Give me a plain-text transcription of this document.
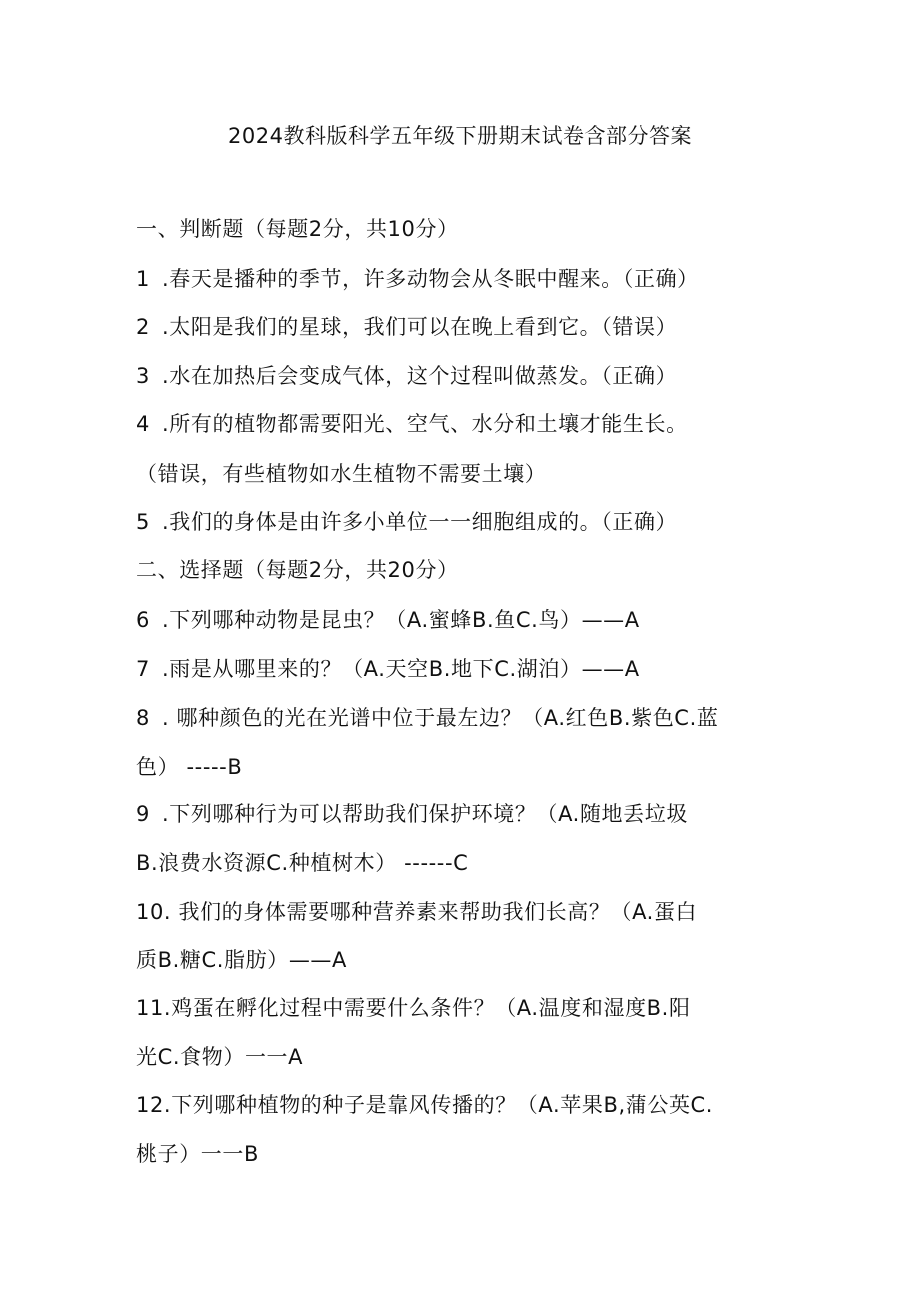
2024教科版科学五年级下册期末试卷含部分答案
一、判断题（每题2分，共10分）
1 .春天是播种的季节，许多动物会从冬眠中醒来。（正确）
2 .太阳是我们的星球，我们可以在晚上看到它。（错误）
3 .水在加热后会变成气体，这个过程叫做蒸发。（正确）
4 .所有的植物都需要阳光、空气、水分和土壤才能生长。
（错误，有些植物如水生植物不需要土壤）
5 .我们的身体是由许多小单位一一细胞组成的。（正确）
二、选择题（每题2分，共20分）
6 .下列哪种动物是昆虫？（A.蜜蜂B.鱼C.鸟）——A
7 .雨是从哪里来的？（A.天空B.地下C.湖泊）——A
8 . 哪种颜色的光在光谱中位于最左边？（A.红色B.紫色C.蓝
色） -----B
9 .下列哪种行为可以帮助我们保护环境？（A.随地丢垃圾
B.浪费水资源C.种植树木） ------C
10. 我们的身体需要哪种营养素来帮助我们长高？（A.蛋白
质B.糖C.脂肪）——A
11.鸡蛋在孵化过程中需要什么条件？（A.温度和湿度B.阳
光C.食物）一一A
12.下列哪种植物的种子是靠风传播的？（A.苹果B,蒲公英C.
桃子）一一B
